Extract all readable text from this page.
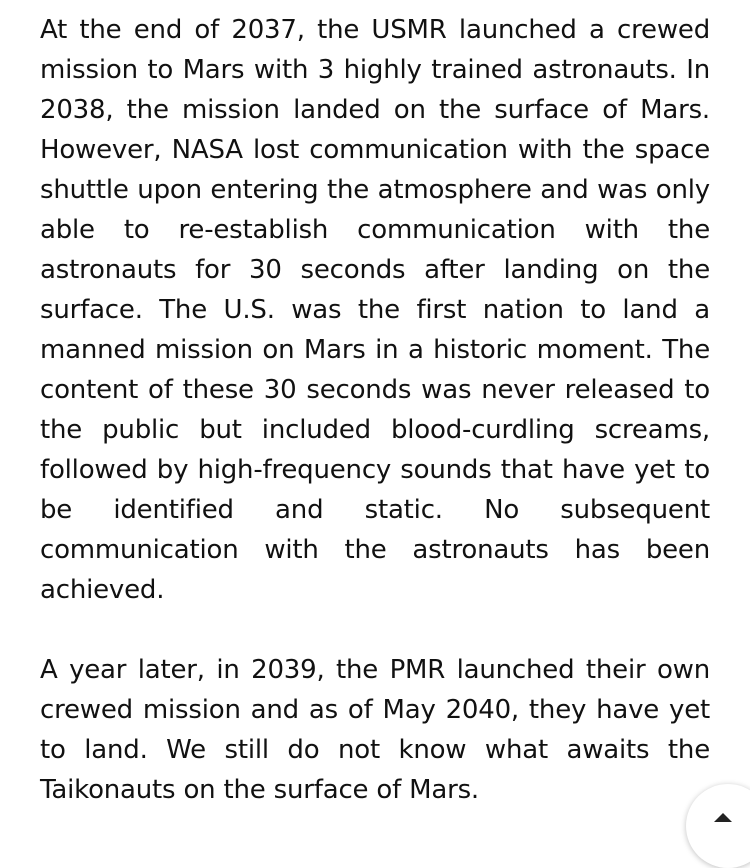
At the end of 2037, the USMR launched a crewed mission to Mars with 3 highly trained astronauts. In 2038, the mission landed on the surface of Mars. However, NASA lost communication with the space shuttle upon entering the atmosphere and was only able to re-establish communication with the astronauts for 30 seconds after landing on the surface. The U.S. was the first nation to land a manned mission on Mars in a historic moment. The content of these 30 seconds was never released to the public but included blood-curdling screams, followed by high-frequency sounds that have yet to be identified and static. No subsequent communication with the astronauts has been achieved.

A year later, in 2039, the PMR launched their own crewed mission and as of May 2040, they have yet to land. We still do not know what awaits the Taikonauts on the surface of Mars.
